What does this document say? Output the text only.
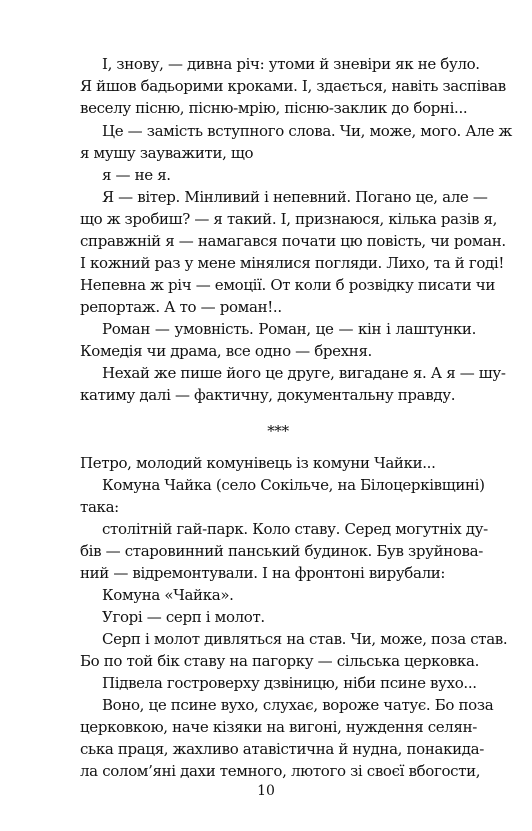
І, знову, — дивна річ: утоми й зневіри як не було.
Я йшов бадьорими кроками. І, здається, навіть заспівав
веселу пісню, пісню-мрію, пісню-заклик до борні...
Це — замість вступного слова. Чи, може, мого. Але ж
я мушу зауважити, що
я — не я.
Я — вітер. Мінливий і непевний. Погано це, але —
що ж зробиш? — я такий. І, признаюся, кілька разів я,
справжній я — намагався почати цю повість, чи роман.
І кожний раз у мене мінялися погляди. Лихо, та й годі!
Непевна ж річ — емоції. От коли б розвідку писати чи
репортаж. А то — роман!..
Роман — умовність. Роман, це — кін і лаштунки.
Комедія чи драма, все одно — брехня.
Нехай же пише його це друге, вигадане я. А я — шу-
катиму далі — фактичну, документальну правду.
***
Петро, молодий комунівець із комуни Чайки...
Комуна Чайка (село Сокільче, на Білоцерківщині)
така:
столітній гай-парк. Коло ставу. Серед могутніх ду-
бів — старовинний панський будинок. Був зруйнова-
ний — відремонтували. І на фронтоні вирубали:
Комуна «Чайка».
Угорі — серп і молот.
Серп і молот дивляться на став. Чи, може, поза став.
Бо по той бік ставу на пагорку — сільська церковка.
Підвела гостроверху дзвіницю, ніби псине вухо...
Воно, це псине вухо, слухає, вороже чатує. Бо поза
церковкою, наче кізяки на вигоні, нуждення селян-
ська праця, жахливо атавістична й нудна, понакида-
ла солом’яні дахи темного, лютого зі своєї вбогости,
10
